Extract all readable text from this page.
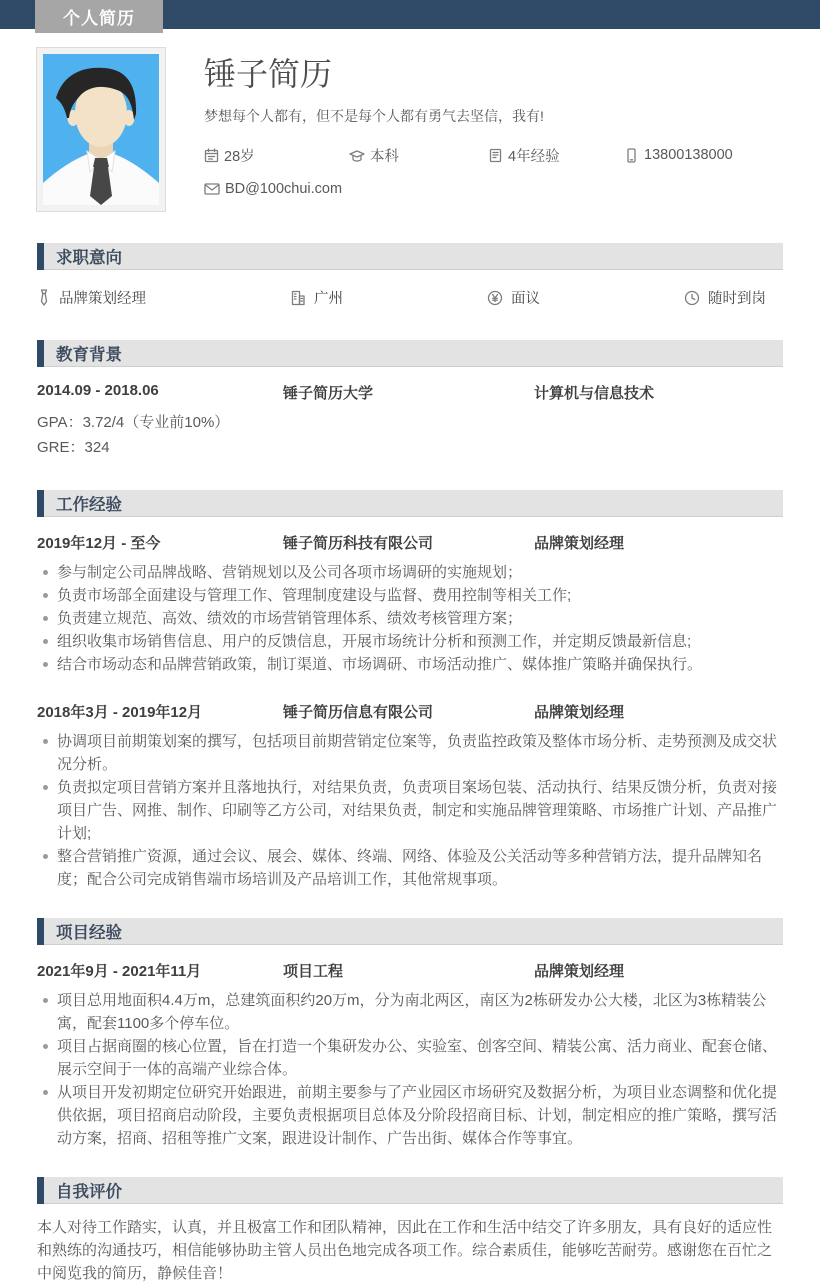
个人简历
锤子简历
梦想每个人都有，但不是每个人都有勇气去坚信，我有!
28岁	本科	4年经验	13800138000
BD@100chui.com
求职意向
品牌策划经理	广州	面议	随时到岗
教育背景
2014.09 - 2018.06	锤子简历大学	计算机与信息技术
GPA：3.72/4（专业前10%）
GRE：324
工作经验
2019年12月 - 至今	锤子简历科技有限公司	品牌策划经理
参与制定公司品牌战略、营销规划以及公司各项市场调研的实施规划；
负责市场部全面建设与管理工作、管理制度建设与监督、费用控制等相关工作;
负责建立规范、高效、绩效的市场营销管理体系、绩效考核管理方案；
组织收集市场销售信息、用户的反馈信息，开展市场统计分析和预测工作，并定期反馈最新信息;
结合市场动态和品牌营销政策，制订渠道、市场调研、市场活动推广、媒体推广策略并确保执行。
2018年3月 - 2019年12月	锤子简历信息有限公司	品牌策划经理
协调项目前期策划案的撰写，包括项目前期营销定位案等，负责监控政策及整体市场分析、走势预测及成交状况分析。
负责拟定项目营销方案并且落地执行，对结果负责，负责项目案场包装、活动执行、结果反馈分析，负责对接项目广告、网推、制作、印刷等乙方公司，对结果负责，制定和实施品牌管理策略、市场推广计划、产品推广计划;
整合营销推广资源，通过会议、展会、媒体、终端、网络、体验及公关活动等多种营销方法，提升品牌知名度；配合公司完成销售端市场培训及产品培训工作，其他常规事项。
项目经验
2021年9月 - 2021年11月	项目工程	品牌策划经理
项目总用地面积4.4万m，总建筑面积约20万m，分为南北两区，南区为2栋研发办公大楼，北区为3栋精装公寓，配套1100多个停车位。
项目占据商圈的核心位置，旨在打造一个集研发办公、实验室、创客空间、精装公寓、活力商业、配套仓储、展示空间于一体的高端产业综合体。
从项目开发初期定位研究开始跟进，前期主要参与了产业园区市场研究及数据分析，为项目业态调整和优化提供依据，项目招商启动阶段，主要负责根据项目总体及分阶段招商目标、计划，制定相应的推广策略，撰写活动方案，招商、招租等推广文案，跟进设计制作、广告出街、媒体合作等事宜。
自我评价
本人对待工作踏实，认真，并且极富工作和团队精神，因此在工作和生活中结交了许多朋友，具有良好的适应性和熟练的沟通技巧，相信能够协助主管人员出色地完成各项工作。综合素质佳，能够吃苦耐劳。感谢您在百忙之中阅览我的简历，静候佳音！
